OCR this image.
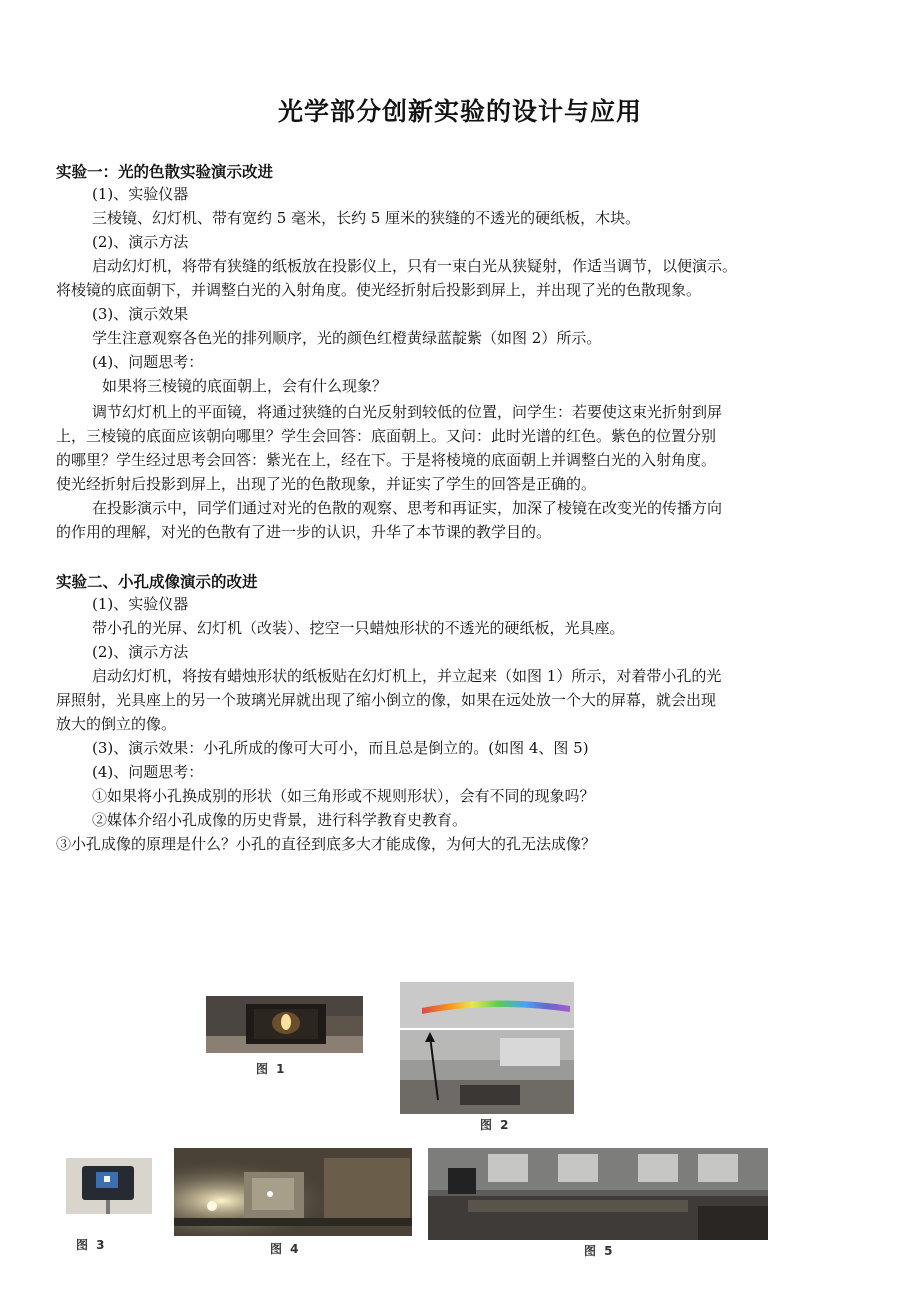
光学部分创新实验的设计与应用
实验一：光的色散实验演示改进
(1)、实验仪器
三棱镜、幻灯机、带有宽约 5 毫米，长约 5 厘米的狭缝的不透光的硬纸板，木块。
(2)、演示方法
启动幻灯机，将带有狭缝的纸板放在投影仪上，只有一束白光从狭疑射，作适当调节，以便演示。
将棱镜的底面朝下，并调整白光的入射角度。使光经折射后投影到屏上，并出现了光的色散现象。
(3)、演示效果
学生注意观察各色光的排列顺序，光的颜色红橙黄绿蓝靛紫（如图 2）所示。
(4)、问题思考：
如果将三棱镜的底面朝上，会有什么现象？
调节幻灯机上的平面镜，将通过狭缝的白光反射到较低的位置，问学生：若要使这束光折射到屏
上，三棱镜的底面应该朝向哪里？学生会回答：底面朝上。又问：此时光谱的红色。紫色的位置分别
的哪里？学生经过思考会回答：紫光在上，经在下。于是将棱境的底面朝上并调整白光的入射角度。
使光经折射后投影到屏上，出现了光的色散现象，并证实了学生的回答是正确的。
在投影演示中，同学们通过对光的色散的观察、思考和再证实，加深了棱镜在改变光的传播方向
的作用的理解，对光的色散有了进一步的认识，升华了本节课的教学目的。
实验二、小孔成像演示的改进
(1)、实验仪器
带小孔的光屏、幻灯机（改装）、挖空一只蜡烛形状的不透光的硬纸板，光具座。
(2)、演示方法
启动幻灯机，将按有蜡烛形状的纸板贴在幻灯机上，并立起来（如图 1）所示，对着带小孔的光
屏照射，光具座上的另一个玻璃光屏就出现了缩小倒立的像，如果在远处放一个大的屏幕，就会出现
放大的倒立的像。
(3)、演示效果：小孔所成的像可大可小，而且总是倒立的。(如图 4、图 5)
(4)、问题思考：
①如果将小孔换成别的形状（如三角形或不规则形状），会有不同的现象吗？
②媒体介绍小孔成像的历史背景，进行科学教育史教育。
③小孔成像的原理是什么？小孔的直径到底多大才能成像，为何大的孔无法成像？
图 1
图 2
图 3	图 4	图 5
